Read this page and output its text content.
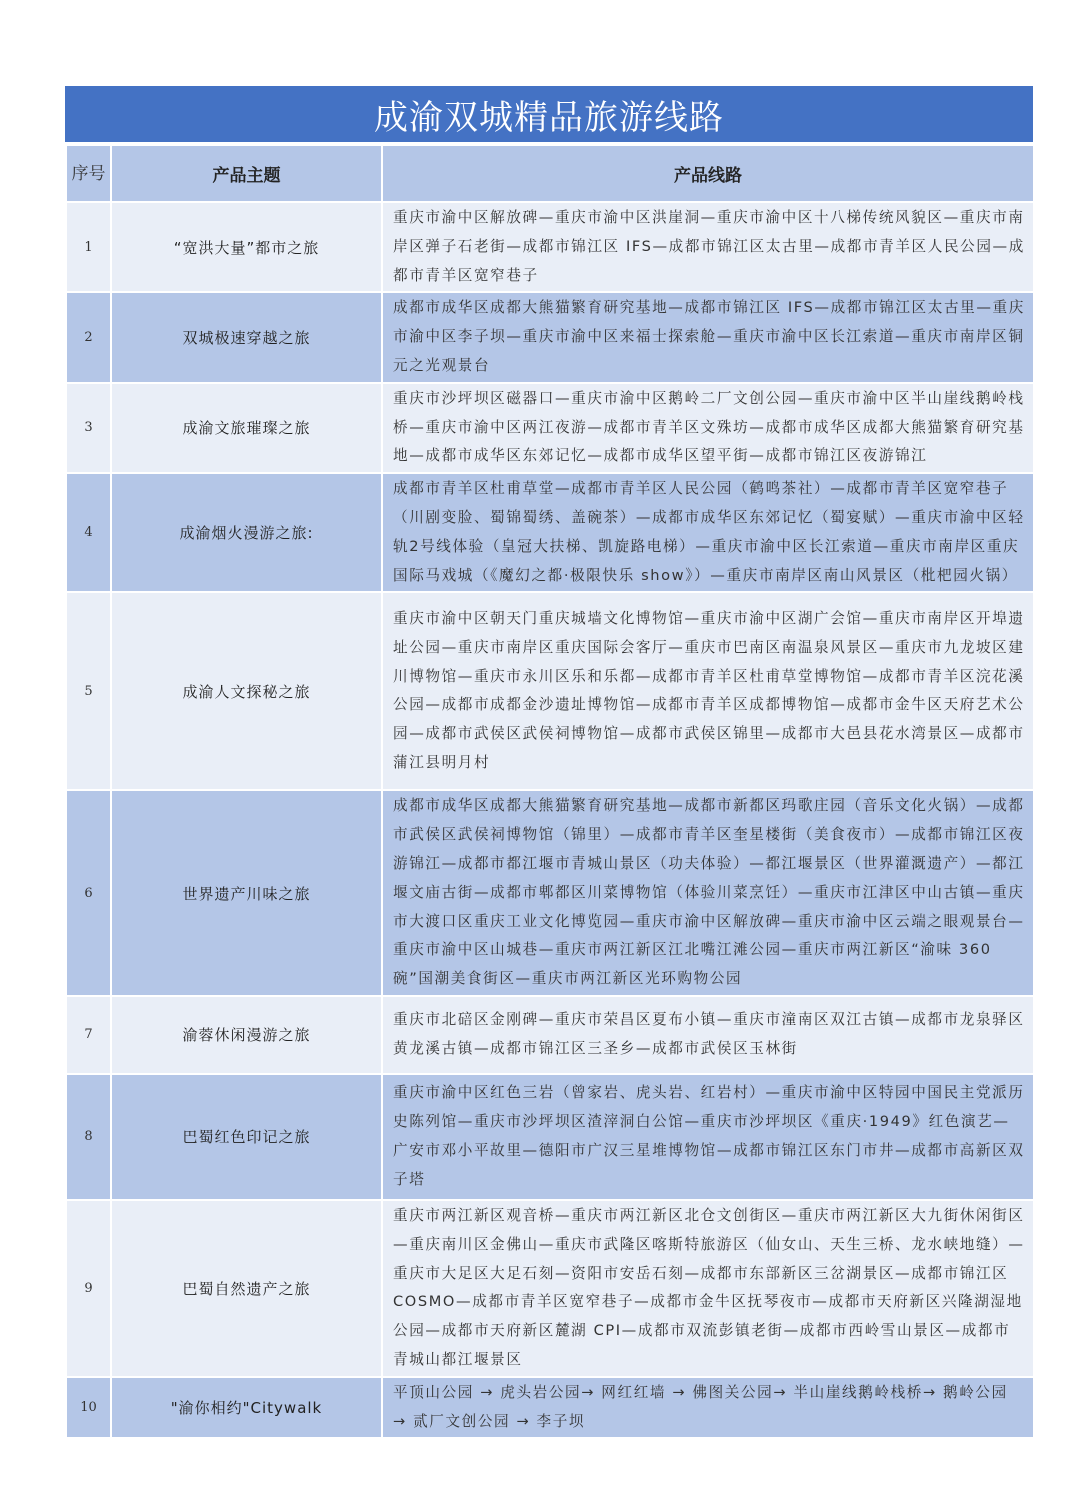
成渝双城精品旅游线路
序号	产品主题	产品线路
1	“宽洪大量”都市之旅	重庆市渝中区解放碑—重庆市渝中区洪崖洞—重庆市渝中区十八梯传统风貌区—重庆市南岸区弹子石老街—成都市锦江区 IFS—成都市锦江区太古里—成都市青羊区人民公园—成都市青羊区宽窄巷子
2	双城极速穿越之旅	成都市成华区成都大熊猫繁育研究基地—成都市锦江区 IFS—成都市锦江区太古里—重庆市渝中区李子坝—重庆市渝中区来福士探索舱—重庆市渝中区长江索道—重庆市南岸区铜元之光观景台
3	成渝文旅璀璨之旅	重庆市沙坪坝区磁器口—重庆市渝中区鹅岭二厂文创公园—重庆市渝中区半山崖线鹅岭栈桥—重庆市渝中区两江夜游—成都市青羊区文殊坊—成都市成华区成都大熊猫繁育研究基地—成都市成华区东郊记忆—成都市成华区望平街—成都市锦江区夜游锦江
4	成渝烟火漫游之旅:	成都市青羊区杜甫草堂—成都市青羊区人民公园（鹤鸣茶社）—成都市青羊区宽窄巷子（川剧变脸、蜀锦蜀绣、盖碗茶）—成都市成华区东郊记忆（蜀宴赋）—重庆市渝中区轻轨2号线体验（皇冠大扶梯、凯旋路电梯）—重庆市渝中区长江索道—重庆市南岸区重庆国际马戏城（《魔幻之都·极限快乐 show》）—重庆市南岸区南山风景区（枇杷园火锅）
5	成渝人文探秘之旅	重庆市渝中区朝天门重庆城墙文化博物馆—重庆市渝中区湖广会馆—重庆市南岸区开埠遗址公园—重庆市南岸区重庆国际会客厅—重庆市巴南区南温泉风景区—重庆市九龙坡区建川博物馆—重庆市永川区乐和乐都—成都市青羊区杜甫草堂博物馆—成都市青羊区浣花溪公园—成都市成都金沙遗址博物馆—成都市青羊区成都博物馆—成都市金牛区天府艺术公园—成都市武侯区武侯祠博物馆—成都市武侯区锦里—成都市大邑县花水湾景区—成都市蒲江县明月村
6	世界遗产川味之旅	成都市成华区成都大熊猫繁育研究基地—成都市新都区玛歌庄园（音乐文化火锅）—成都市武侯区武侯祠博物馆（锦里）—成都市青羊区奎星楼街（美食夜市）—成都市锦江区夜游锦江—成都市都江堰市青城山景区（功夫体验）—都江堰景区（世界灌溉遗产）—都江堰文庙古街—成都市郫都区川菜博物馆（体验川菜烹饪）—重庆市江津区中山古镇—重庆市大渡口区重庆工业文化博览园—重庆市渝中区解放碑—重庆市渝中区云端之眼观景台—重庆市渝中区山城巷—重庆市两江新区江北嘴江滩公园—重庆市两江新区“渝味 360 碗”国潮美食街区—重庆市两江新区光环购物公园
7	渝蓉休闲漫游之旅	重庆市北碚区金刚碑—重庆市荣昌区夏布小镇—重庆市潼南区双江古镇—成都市龙泉驿区黄龙溪古镇—成都市锦江区三圣乡—成都市武侯区玉林街
8	巴蜀红色印记之旅	重庆市渝中区红色三岩（曾家岩、虎头岩、红岩村）—重庆市渝中区特园中国民主党派历史陈列馆—重庆市沙坪坝区渣滓洞白公馆—重庆市沙坪坝区《重庆·1949》红色演艺—广安市邓小平故里—德阳市广汉三星堆博物馆—成都市锦江区东门市井—成都市高新区双子塔
9	巴蜀自然遗产之旅	重庆市两江新区观音桥—重庆市两江新区北仓文创街区—重庆市两江新区大九街休闲街区—重庆南川区金佛山—重庆市武隆区喀斯特旅游区（仙女山、天生三桥、龙水峡地缝）—重庆市大足区大足石刻—资阳市安岳石刻—成都市东部新区三岔湖景区—成都市锦江区 COSMO—成都市青羊区宽窄巷子—成都市金牛区抚琴夜市—成都市天府新区兴隆湖湿地公园—成都市天府新区麓湖 CPI—成都市双流彭镇老街—成都市西岭雪山景区—成都市青城山都江堰景区
10	"渝你相约"Citywalk	平顶山公园 → 虎头岩公园→ 网红红墙 → 佛图关公园→ 半山崖线鹅岭栈桥→ 鹅岭公园 → 贰厂文创公园 → 李子坝
